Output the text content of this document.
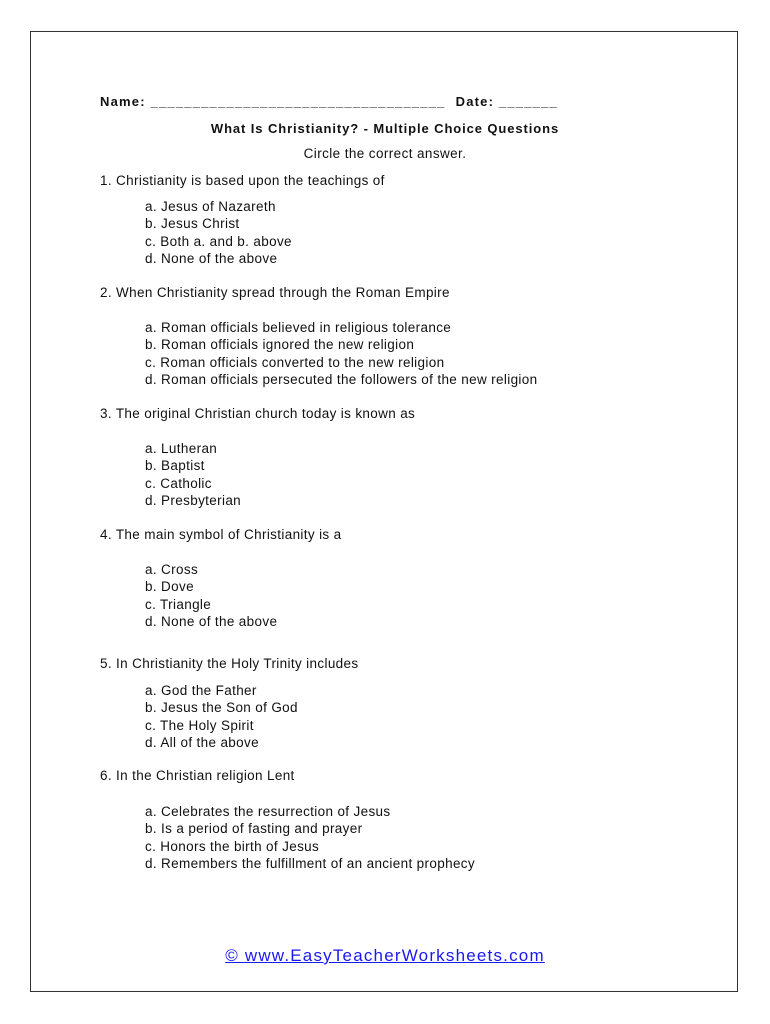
Name: ___________________________________ Date: _______
What Is Christianity? - Multiple Choice Questions
Circle the correct answer.
1. Christianity is based upon the teachings of
a. Jesus of Nazareth
b. Jesus Christ
c. Both a. and b. above
d. None of the above
2. When Christianity spread through the Roman Empire
a. Roman officials believed in religious tolerance
b. Roman officials ignored the new religion
c. Roman officials converted to the new religion
d. Roman officials persecuted the followers of the new religion
3. The original Christian church today is known as
a. Lutheran
b. Baptist
c. Catholic
d. Presbyterian
4. The main symbol of Christianity is a
a. Cross
b. Dove
c. Triangle
d. None of the above
5. In Christianity the Holy Trinity includes
a. God the Father
b. Jesus the Son of God
c. The Holy Spirit
d. All of the above
6. In the Christian religion Lent
a. Celebrates the resurrection of Jesus
b. Is a period of fasting and prayer
c. Honors the birth of Jesus
d. Remembers the fulfillment of an ancient prophecy
© www.EasyTeacherWorksheets.com
